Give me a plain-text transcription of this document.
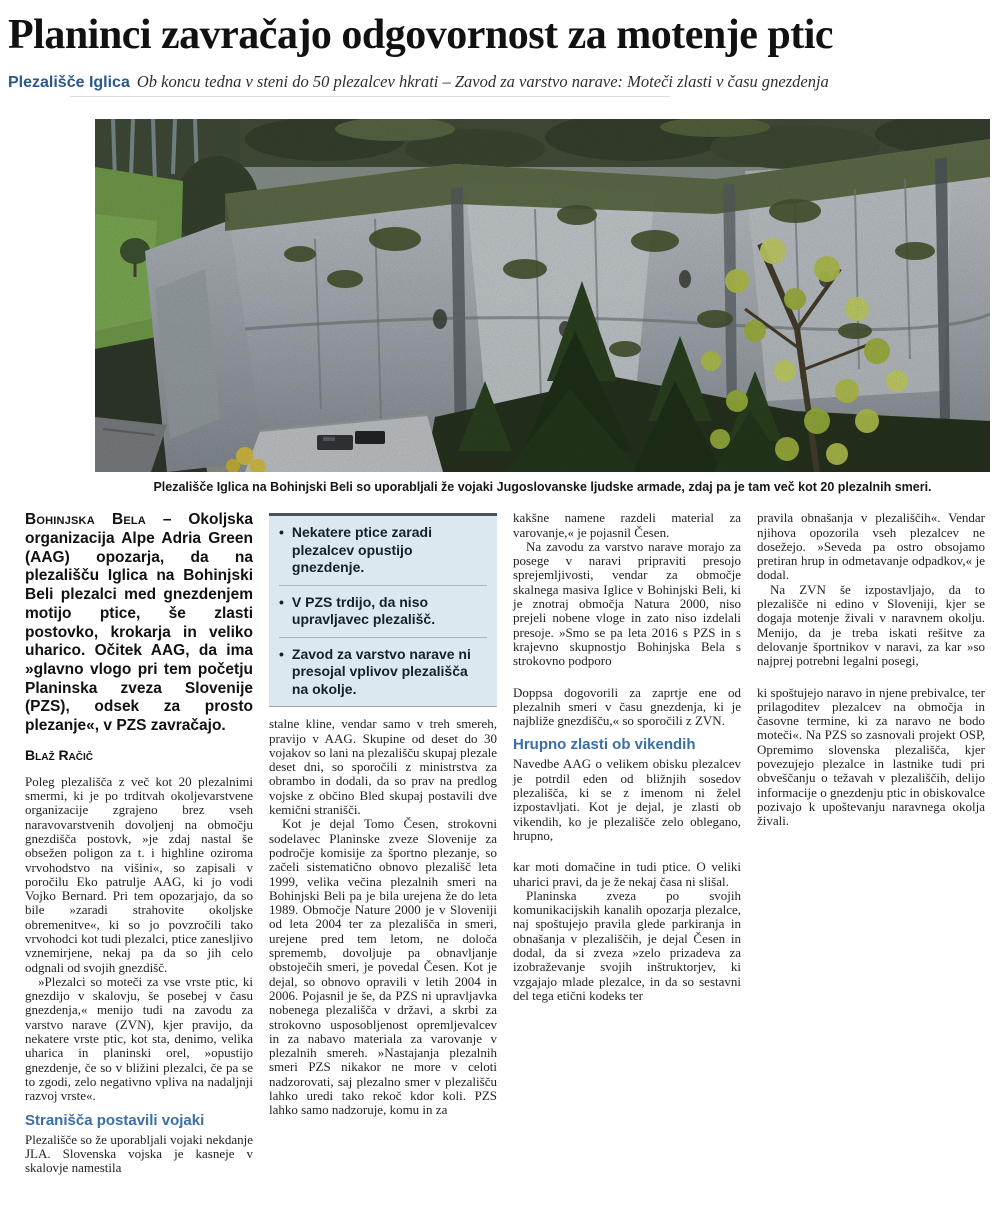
Planinci zavračajo odgovornost za motenje ptic
Plezališče Iglica Ob koncu tedna v steni do 50 plezalcev hkrati – Zavod za varstvo narave: Moteči zlasti v času gnezdenja
Plezališče Iglica na Bohinjski Beli so uporabljali že vojaki Jugoslovanske ljudske armade, zdaj pa je tam več kot 20 plezalnih smeri.

Bohinjska Bela – Okoljska organizacija Alpe Adria Green (AAG) opozarja, da na plezališču Iglica na Bohinjski Beli plezalci med gnezdenjem motijo ptice, še zlasti postovko, krokarja in veliko uharico. Očitek AAG, da ima »glavno vlogo pri tem početju Planinska zveza Slovenije (PZS), odsek za prosto plezanje«, v PZS zavračajo.

Blaž Račič

Poleg plezališča z več kot 20 plezalnimi smermi, ki je po trditvah okoljevarstvene organizacije zgrajeno brez vseh naravovarstvenih dovoljenj na območju gnezdišča postovk, »je zdaj nastal še obsežen poligon za t. i highline oziroma vrvohodstvo na višini«, so zapisali v poročilu Eko patrulje AAG, ki jo vodi Vojko Bernard. Pri tem opozarjajo, da so bile »zaradi strahovite okoljske obremenitve«, ki so jo povzročili tako vrvohodci kot tudi plezalci, ptice zanesljivo vznemirjene, nekaj pa da so jih celo odgnali od svojih gnezdišč.

»Plezalci so moteči za vse vrste ptic, ki gnezdijo v skalovju, še posebej v času gnezdenja,« menijo tudi na zavodu za varstvo narave (ZVN), kjer pravijo, da nekatere vrste ptic, kot sta, denimo, velika uharica in planinski orel, »opustijo gnezdenje, če so v bližini plezalci, če pa se to zgodi, zelo negativno vpliva na nadaljnji razvoj vrste«.

Stranišča postavili vojaki

Plezališče so že uporabljali vojaki nekdanje JLA. Slovenska vojska je kasneje v skalovje namestila

• Nekatere ptice zaradi plezalcev opustijo gnezdenje.
• V PZS trdijo, da niso upravljavec plezališč.
• Zavod za varstvo narave ni presojal vplivov plezališča na okolje.

stalne kline, vendar samo v treh smereh, pravijo v AAG. Skupine od deset do 30 vojakov so lani na plezališču skupaj plezale deset dni, so sporočili z ministrstva za obrambo in dodali, da so prav na predlog vojske z občino Bled skupaj postavili dve kemični stranišči.

Kot je dejal Tomo Česen, strokovni sodelavec Planinske zveze Slovenije za področje komisije za športno plezanje, so začeli sistematično obnovo plezališč leta 1999, velika večina plezalnih smeri na Bohinjski Beli pa je bila urejena že do leta 1989. Območje Nature 2000 je v Sloveniji od leta 2004 ter za plezališča in smeri, urejene pred tem letom, ne določa sprememb, dovoljuje pa obnavljanje obstoječih smeri, je povedal Česen. Kot je dejal, so obnovo opravili v letih 2004 in 2006. Pojasnil je še, da PZS ni upravljavka nobenega plezališča v državi, a skrbi za strokovno usposobljenost opremljevalcev in za nabavo materiala za varovanje v plezalnih smereh. »Nastajanja plezalnih smeri PZS nikakor ne more v celoti nadzorovati, saj plezalno smer v plezališču lahko uredi tako rekoč kdor koli. PZS lahko samo nadzoruje, komu in za

kakšne namene razdeli material za varovanje,« je pojasnil Česen.

Na zavodu za varstvo narave morajo za posege v naravi pripraviti presojo sprejemljivosti, vendar za območje skalnega masiva Iglice v Bohinjski Beli, ki je znotraj območja Natura 2000, niso prejeli nobene vloge in zato niso izdelali presoje. »Smo se pa leta 2016 s PZS in s krajevno skupnostjo Bohinjska Bela s strokovno podporo

Doppsa dogovorili za zaprtje ene od plezalnih smeri v času gnezdenja, ki je najbliže gnezdišču,« so sporočili z ZVN.

Hrupno zlasti ob vikendih

Navedbe AAG o velikem obisku plezalcev je potrdil eden od bližnjih sosedov plezališča, ki se z imenom ni želel izpostavljati. Kot je dejal, je zlasti ob vikendih, ko je plezališče zelo oblegano, hrupno,

kar moti domačine in tudi ptice. O veliki uharici pravi, da je že nekaj časa ni slišal.

Planinska zveza po svojih komunikacijskih kanalih opozarja plezalce, naj spoštujejo pravila glede parkiranja in obnašanja v plezališčih, je dejal Česen in dodal, da si zveza »zelo prizadeva za izobraževanje svojih inštruktorjev, ki vzgajajo mlade plezalce, in da so sestavni del tega etični kodeks ter

pravila obnašanja v plezališčih«. Vendar njihova opozorila vseh plezalcev ne dosežejo. »Seveda pa ostro obsojamo pretiran hrup in odmetavanje odpadkov,« je dodal.

Na ZVN še izpostavljajo, da to plezališče ni edino v Sloveniji, kjer se dogaja motenje živali v naravnem okolju. Menijo, da je treba iskati rešitve za delovanje športnikov v naravi, za kar »so najprej potrebni legalni posegi,

ki spoštujejo naravo in njene prebivalce, ter prilagoditev plezalcev na območja in časovne termine, ki za naravo ne bodo moteči«. Na PZS so zasnovali projekt OSP, Opremimo slovenska plezališča, kjer povezujejo plezalce in lastnike tudi pri obveščanju o težavah v plezališčih, delijo informacije o gnezdenju ptic in obiskovalce pozivajo k upoštevanju naravnega okolja živali.
